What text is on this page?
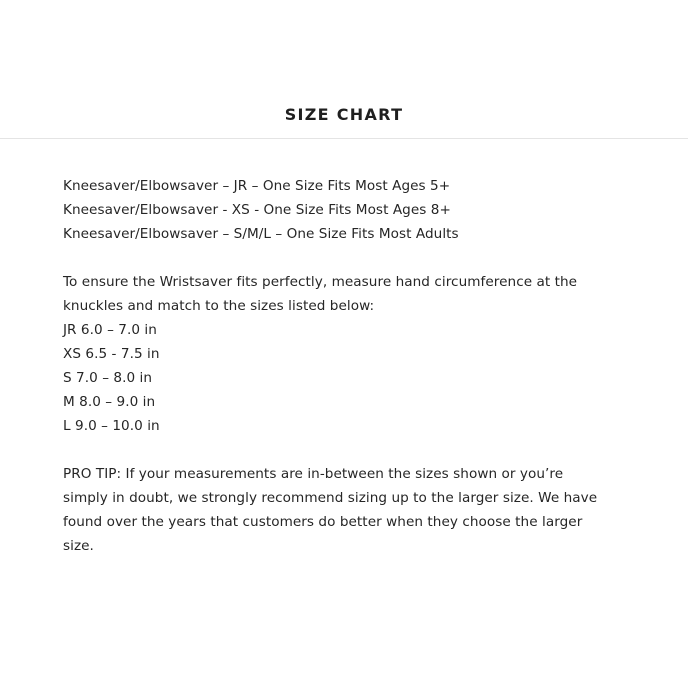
SIZE CHART

Kneesaver/Elbowsaver – JR – One Size Fits Most Ages 5+

Kneesaver/Elbowsaver - XS - One Size Fits Most Ages 8+

Kneesaver/Elbowsaver – S/M/L – One Size Fits Most Adults

To ensure the Wristsaver fits perfectly, measure hand circumference at the

knuckles and match to the sizes listed below:

JR 6.0 – 7.0 in

XS 6.5 - 7.5 in

S 7.0 – 8.0 in

M 8.0 – 9.0 in

L 9.0 – 10.0 in

PRO TIP: If your measurements are in-between the sizes shown or you’re

simply in doubt, we strongly recommend sizing up to the larger size. We have

found over the years that customers do better when they choose the larger

size.
